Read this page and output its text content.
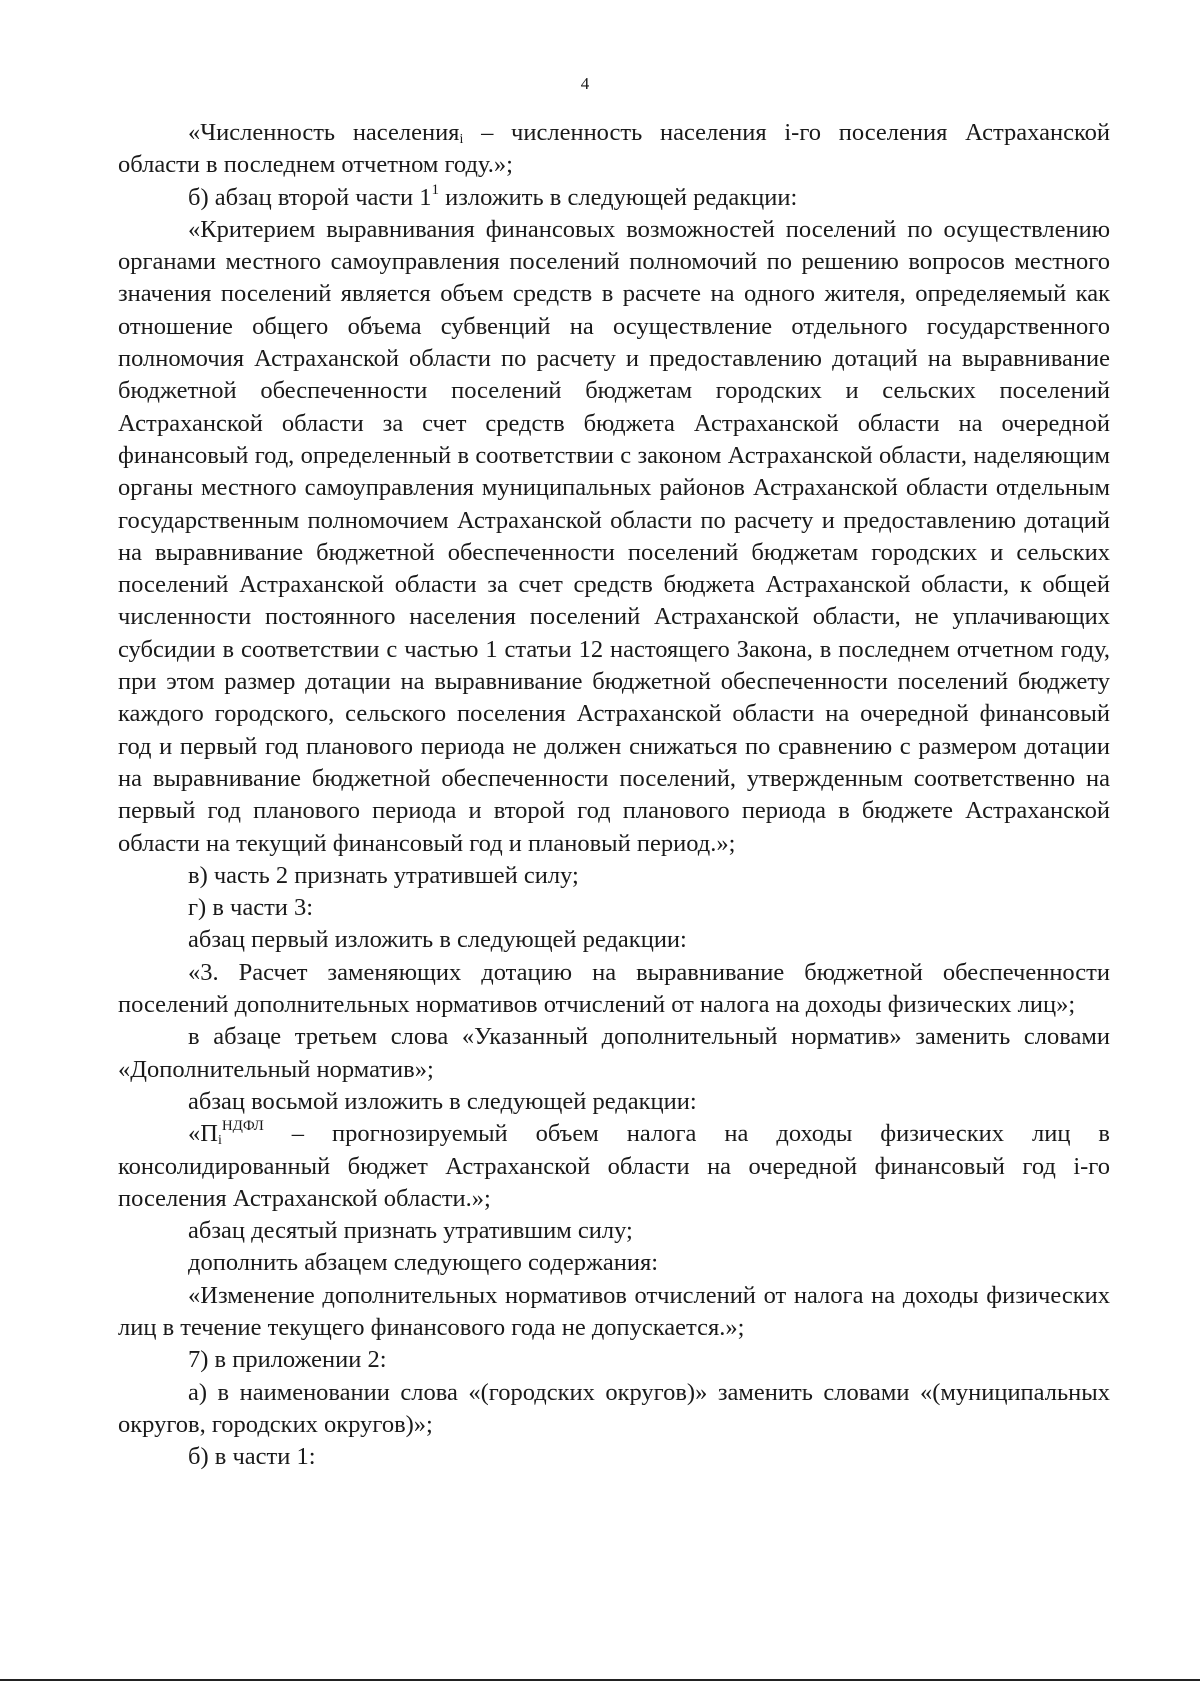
4

«Численность населения$_i$ – численность населения i-го поселения Астраханской области в последнем отчетном году.»;

б) абзац второй части $1^1$ изложить в следующей редакции:

«Критерием выравнивания финансовых возможностей поселений по осуществлению органами местного самоуправления поселений полномочий по решению вопросов местного значения поселений является объем средств в расчете на одного жителя, определяемый как отношение общего объема субвенций на осуществление отдельного государственного полномочия Астраханской области по расчету и предоставлению дотаций на выравнивание бюджетной обеспеченности поселений бюджетам городских и сельских поселений Астраханской области за счет средств бюджета Астраханской области на очередной финансовый год, определенный в соответствии с законом Астраханской области, наделяющим органы местного самоуправления муниципальных районов Астраханской области отдельным государственным полномочием Астраханской области по расчету и предоставлению дотаций на выравнивание бюджетной обеспеченности поселений бюджетам городских и сельских поселений Астраханской области за счет средств бюджета Астраханской области, к общей численности постоянного населения поселений Астраханской области, не уплачивающих субсидии в соответствии с частью 1 статьи 12 настоящего Закона, в последнем отчетном году, при этом размер дотации на выравнивание бюджетной обеспеченности поселений бюджету каждого городского, сельского поселения Астраханской области на очередной финансовый год и первый год планового периода не должен снижаться по сравнению с размером дотации на выравнивание бюджетной обеспеченности поселений, утвержденным соответственно на первый год планового периода и второй год планового периода в бюджете Астраханской области на текущий финансовый год и плановый период.»;

в) часть 2 признать утратившей силу;

г) в части 3:

абзац первый изложить в следующей редакции:

«3. Расчет заменяющих дотацию на выравнивание бюджетной обеспеченности поселений дополнительных нормативов отчислений от налога на доходы физических лиц»;

в абзаце третьем слова «Указанный дополнительный норматив» заменить словами «Дополнительный норматив»;

абзац восьмой изложить в следующей редакции:

«$П_i^{НДФЛ}$ – прогнозируемый объем налога на доходы физических лиц в консолидированный бюджет Астраханской области на очередной финансовый год i-го поселения Астраханской области.»;

абзац десятый признать утратившим силу;

дополнить абзацем следующего содержания:

«Изменение дополнительных нормативов отчислений от налога на доходы физических лиц в течение текущего финансового года не допускается.»;

7) в приложении 2:

а) в наименовании слова «(городских округов)» заменить словами «(муниципальных округов, городских округов)»;

б) в части 1:
